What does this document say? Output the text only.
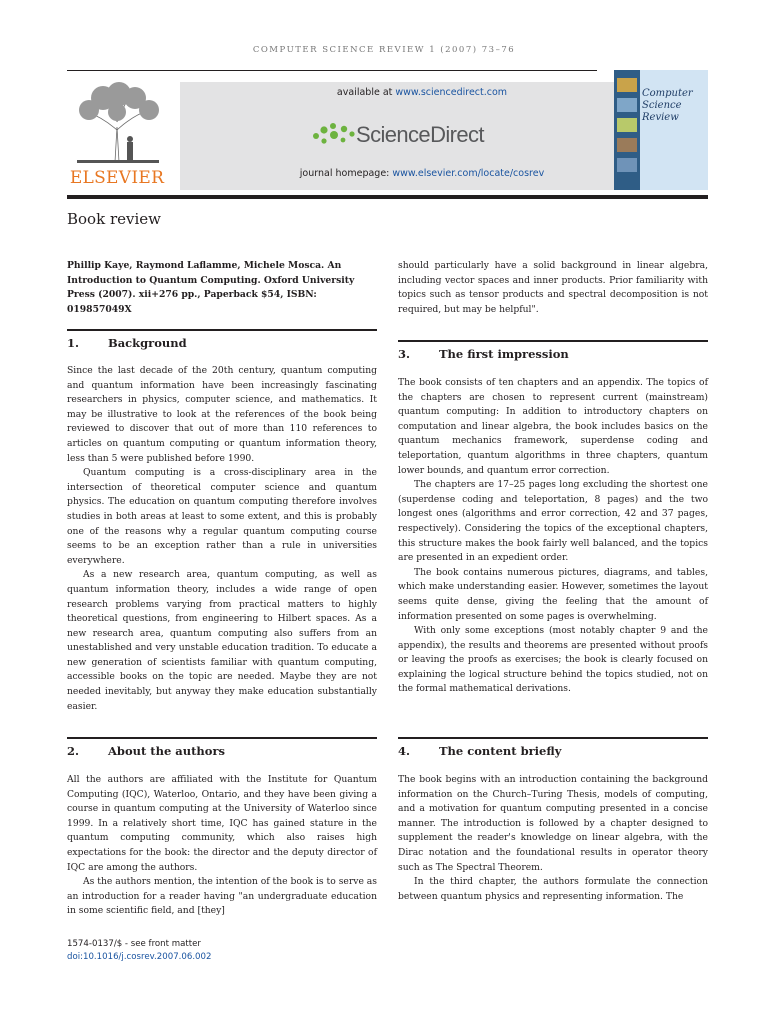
COMPUTER SCIENCE REVIEW 1 (2007) 73–76
ELSEVIER
available at www.sciencedirect.com
ScienceDirect
journal homepage: www.elsevier.com/locate/cosrev
Computer
Science
Review
Book review

Phillip Kaye, Raymond Laflamme, Michele Mosca. An Introduction to Quantum Computing. Oxford University Press (2007). xii+276 pp., Paperback $54, ISBN: 019857049X

1.	Background

Since the last decade of the 20th century, quantum computing and quantum information have been increasingly fascinating researchers in physics, computer science, and mathematics. It may be illustrative to look at the references of the book being reviewed to discover that out of more than 110 references to articles on quantum computing or quantum information theory, less than 5 were published before 1990.

Quantum computing is a cross-disciplinary area in the intersection of theoretical computer science and quantum physics. The education on quantum computing therefore involves studies in both areas at least to some extent, and this is probably one of the reasons why a regular quantum computing course seems to be an exception rather than a rule in universities everywhere.

As a new research area, quantum computing, as well as quantum information theory, includes a wide range of open research problems varying from practical matters to highly theoretical questions, from engineering to Hilbert spaces. As a new research area, quantum computing also suffers from an unestablished and very unstable education tradition. To educate a new generation of scientists familiar with quantum computing, accessible books on the topic are needed. Maybe they are not needed inevitably, but anyway they make education substantially easier.

2.	About the authors

All the authors are affiliated with the Institute for Quantum Computing (IQC), Waterloo, Ontario, and they have been giving a course in quantum computing at the University of Waterloo since 1999. In a relatively short time, IQC has gained stature in the quantum computing community, which also raises high expectations for the book: the director and the deputy director of IQC are among the authors.

As the authors mention, the intention of the book is to serve as an introduction for a reader having "an undergraduate education in some scientific field, and [they]

should particularly have a solid background in linear algebra, including vector spaces and inner products. Prior familiarity with topics such as tensor products and spectral decomposition is not required, but may be helpful".

3.	The first impression

The book consists of ten chapters and an appendix. The topics of the chapters are chosen to represent current (mainstream) quantum computing: In addition to introductory chapters on computation and linear algebra, the book includes basics on the quantum mechanics framework, superdense coding and teleportation, quantum algorithms in three chapters, quantum lower bounds, and quantum error correction.

The chapters are 17–25 pages long excluding the shortest one (superdense coding and teleportation, 8 pages) and the two longest ones (algorithms and error correction, 42 and 37 pages, respectively). Considering the topics of the exceptional chapters, this structure makes the book fairly well balanced, and the topics are presented in an expedient order.

The book contains numerous pictures, diagrams, and tables, which make understanding easier. However, sometimes the layout seems quite dense, giving the feeling that the amount of information presented on some pages is overwhelming.

With only some exceptions (most notably chapter 9 and the appendix), the results and theorems are presented without proofs or leaving the proofs as exercises; the book is clearly focused on explaining the logical structure behind the topics studied, not on the formal mathematical derivations.

4.	The content briefly

The book begins with an introduction containing the background information on the Church–Turing Thesis, models of computing, and a motivation for quantum computing presented in a concise manner. The introduction is followed by a chapter designed to supplement the reader's knowledge on linear algebra, with the Dirac notation and the foundational results in operator theory such as The Spectral Theorem.

In the third chapter, the authors formulate the connection between quantum physics and representing information. The

1574-0137/$ - see front matter
doi:10.1016/j.cosrev.2007.06.002
